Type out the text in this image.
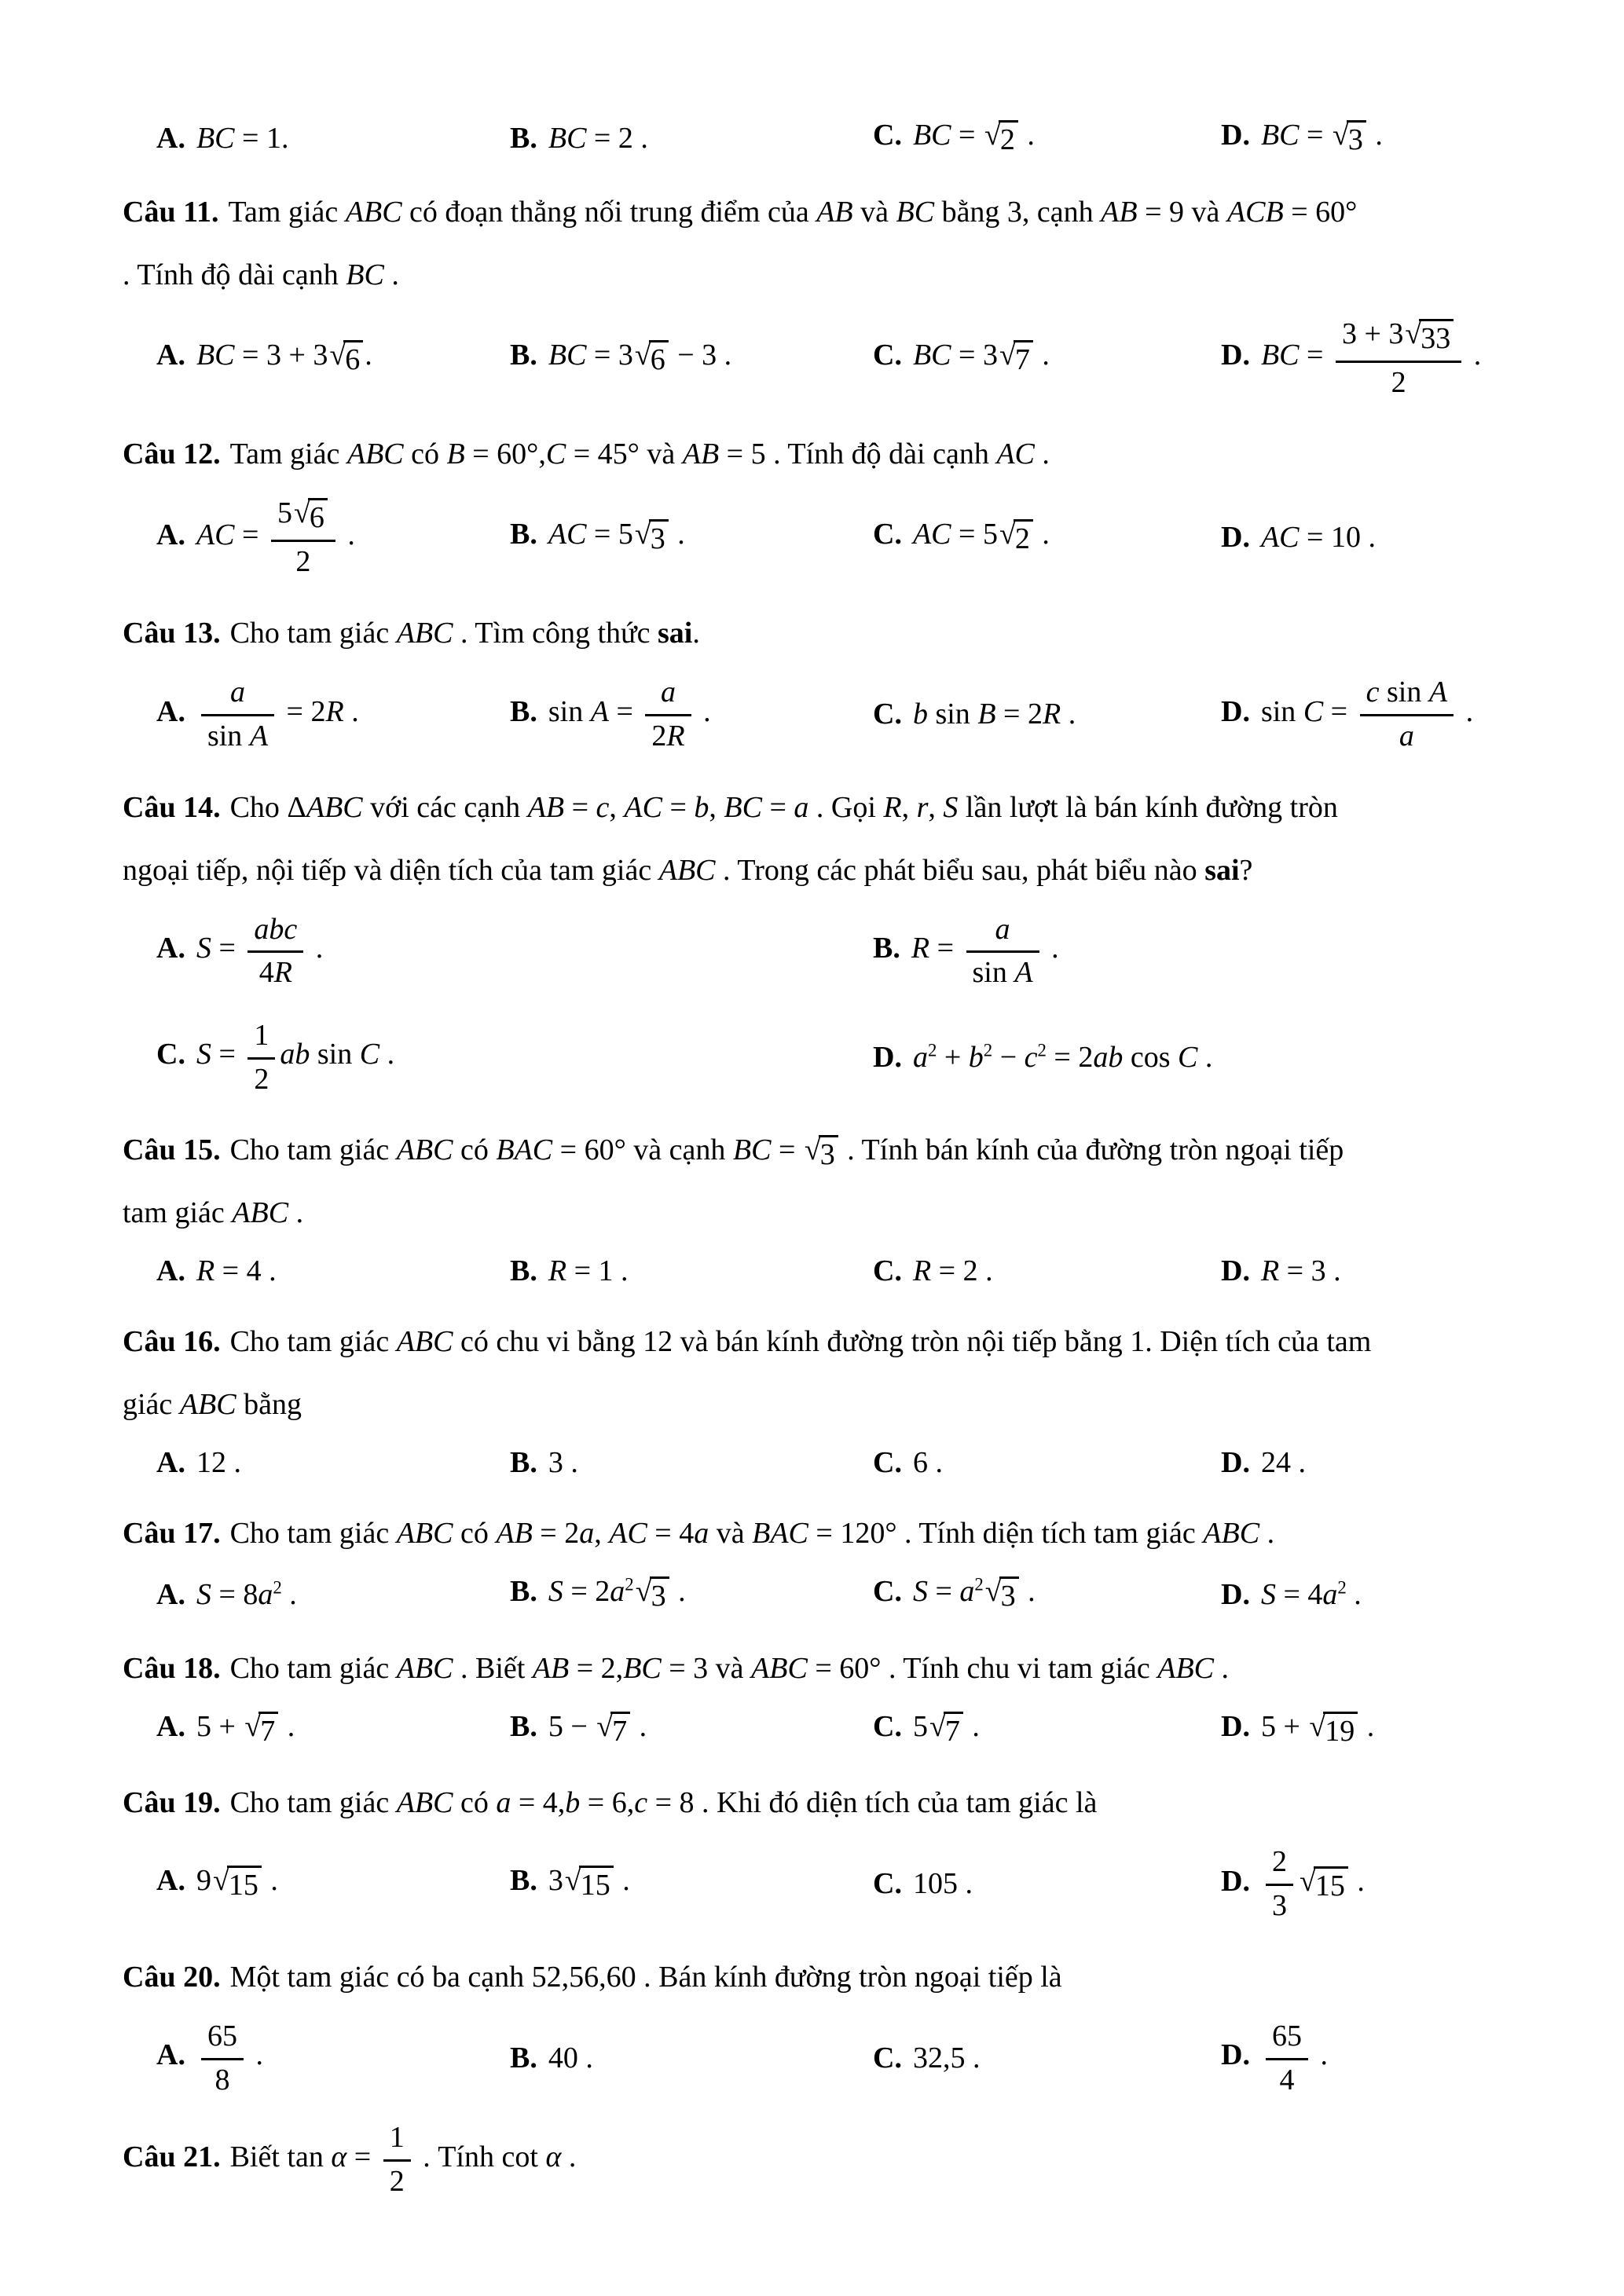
A. BC = 1.	B. BC = 2 .	C. BC = √ 2 .	D. BC = √ 3 .
Câu 11. Tam giác ABC có đoạn thẳng nối trung điểm của AB và BC bằng 3, cạnh AB = 9 và ACB = 60°
. Tính độ dài cạnh BC .
A. BC = 3 + 3 √ 6 .	B. BC = 3 √ 6 − 3 .	C. BC = 3 √ 7 .	D. BC = $\frac{3 + 3 √ 33}{2}$ .
Câu 12. Tam giác ABC có B = 60°,C = 45° và AB = 5 . Tính độ dài cạnh AC .
A. AC = $\frac{5 √ 6}{2}$ .	B. AC = 5 √ 3 .	C. AC = 5 √ 2 .	D. AC = 10 .
Câu 13. Cho tam giác ABC . Tìm công thức sai.
A. $\frac{a}{\text{sin A}} = 2R$ .	B. $\sin A = \frac{a}{2R}$ .	C. b sin B = 2R .	D. $\sin C = \frac{\text{c sin A}}{a}$ .
Câu 14. Cho ΔABC với các cạnh AB = c, AC = b, BC = a . Gọi R, r, S lần lượt là bán kính đường tròn
ngoại tiếp, nội tiếp và diện tích của tam giác ABC . Trong các phát biểu sau, phát biểu nào sai?
A. $S = \frac{\text{abc}}{4R}$ .	B. $R = \frac{a}{\text{sin A}}$ .
C. $S = \frac{1}{2}$ ab sin C .	D. $a^2 + b^2 - c^2 = 2ab$ cos C .
Câu 15. Cho tam giác ABC có BAC = 60° và cạnh BC = √ 3 . Tính bán kính của đường tròn ngoại tiếp
tam giác ABC .
A. R = 4 .	B. R = 1 .	C. R = 2 .	D. R = 3 .
Câu 16. Cho tam giác ABC có chu vi bằng 12 và bán kính đường tròn nội tiếp bằng 1. Diện tích của tam
giác ABC bằng
A. 12 .	B. 3 .	C. 6 .	D. 24 .
Câu 17. Cho tam giác ABC có AB = 2a, AC = 4a và BAC = 120° . Tính diện tích tam giác ABC .
A. $S = 8a^2$ .	B. $S = 2a^2$ √ 3 .	C. $S = a^2$ √ 3 .	D. $S = 4a^2$ .
Câu 18. Cho tam giác ABC . Biết AB = 2,BC = 3 và ABC = 60° . Tính chu vi tam giác ABC .
A. 5 + √ 7 .	B. 5 − √ 7 .	C. 5 √ 7 .	D. 5 + √ 19 .
Câu 19. Cho tam giác ABC có a = 4,b = 6,c = 8 . Khi đó diện tích của tam giác là
A. 9 √ 15 .	B. 3 √ 15 .	C. 105 .	D. $\frac{2}{3}$ √ 15 .
Câu 20. Một tam giác có ba cạnh 52,56,60 . Bán kính đường tròn ngoại tiếp là
A. $\frac{65}{8}$ .	B. 40 .	C. 32,5 .	D. $\frac{65}{4}$ .
Câu 21. Biết $\tan \alpha = \frac{1}{2}$ . Tính cot α .
